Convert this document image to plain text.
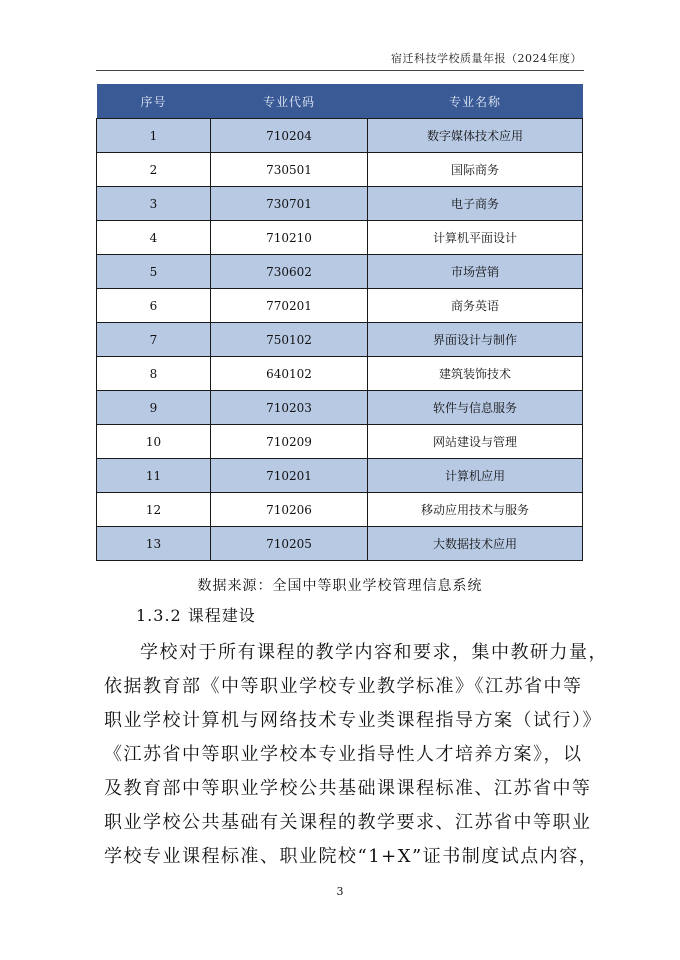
宿迁科技学校质量年报（2024年度）
序号	专业代码	专业名称
1	710204	数字媒体技术应用
2	730501	国际商务
3	730701	电子商务
4	710210	计算机平面设计
5	730602	市场营销
6	770201	商务英语
7	750102	界面设计与制作
8	640102	建筑装饰技术
9	710203	软件与信息服务
10	710209	网站建设与管理
11	710201	计算机应用
12	710206	移动应用技术与服务
13	710205	大数据技术应用
数据来源：全国中等职业学校管理信息系统
1.3.2 课程建设
学校对于所有课程的教学内容和要求，集中教研力量，
依据教育部《中等职业学校专业教学标准》《江苏省中等
职业学校计算机与网络技术专业类课程指导方案（试行）》
《江苏省中等职业学校本专业指导性人才培养方案》，以
及教育部中等职业学校公共基础课课程标准、江苏省中等
职业学校公共基础有关课程的教学要求、江苏省中等职业
学校专业课程标准、职业院校“1+X”证书制度试点内容，
3
